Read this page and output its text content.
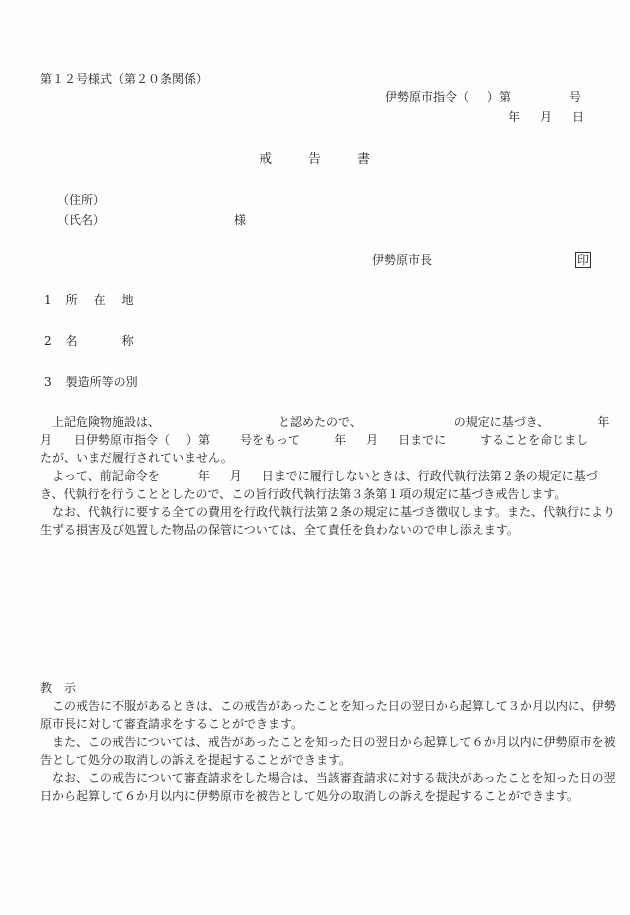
第１２号様式（第２０条関係）
伊勢原市指令（ ）第	号
年 月 日
戒	告	書
（住所）
（氏名）	様
伊勢原市長	印
1 所 在 地
2 名	称
3 製造所等の別
上記危険物施設は、	と認めたので、	の規定に基づき、	年
月 日伊勢原市指令（ ）第	号をもって	年 月 日までに	することを命じまし
たが、いまだ履行されていません。
よって、前記命令を	年 月 日までに履行しないときは、行政代執行法第２条の規定に基づ
き、代執行を行うこととしたので、この旨行政代執行法第３条第１項の規定に基づき戒告します。
なお、代執行に要する全ての費用を行政代執行法第２条の規定に基づき徴収します。また、代執行により
生ずる損害及び処置した物品の保管については、全て責任を負わないので申し添えます。
教　示
この戒告に不服があるときは、この戒告があったことを知った日の翌日から起算して３か月以内に、伊勢
原市長に対して審査請求をすることができます。
また、この戒告については、戒告があったことを知った日の翌日から起算して６か月以内に伊勢原市を被
告として処分の取消しの訴えを提起することができます。
なお、この戒告について審査請求をした場合は、当該審査請求に対する裁決があったことを知った日の翌
日から起算して６か月以内に伊勢原市を被告として処分の取消しの訴えを提起することができます。
